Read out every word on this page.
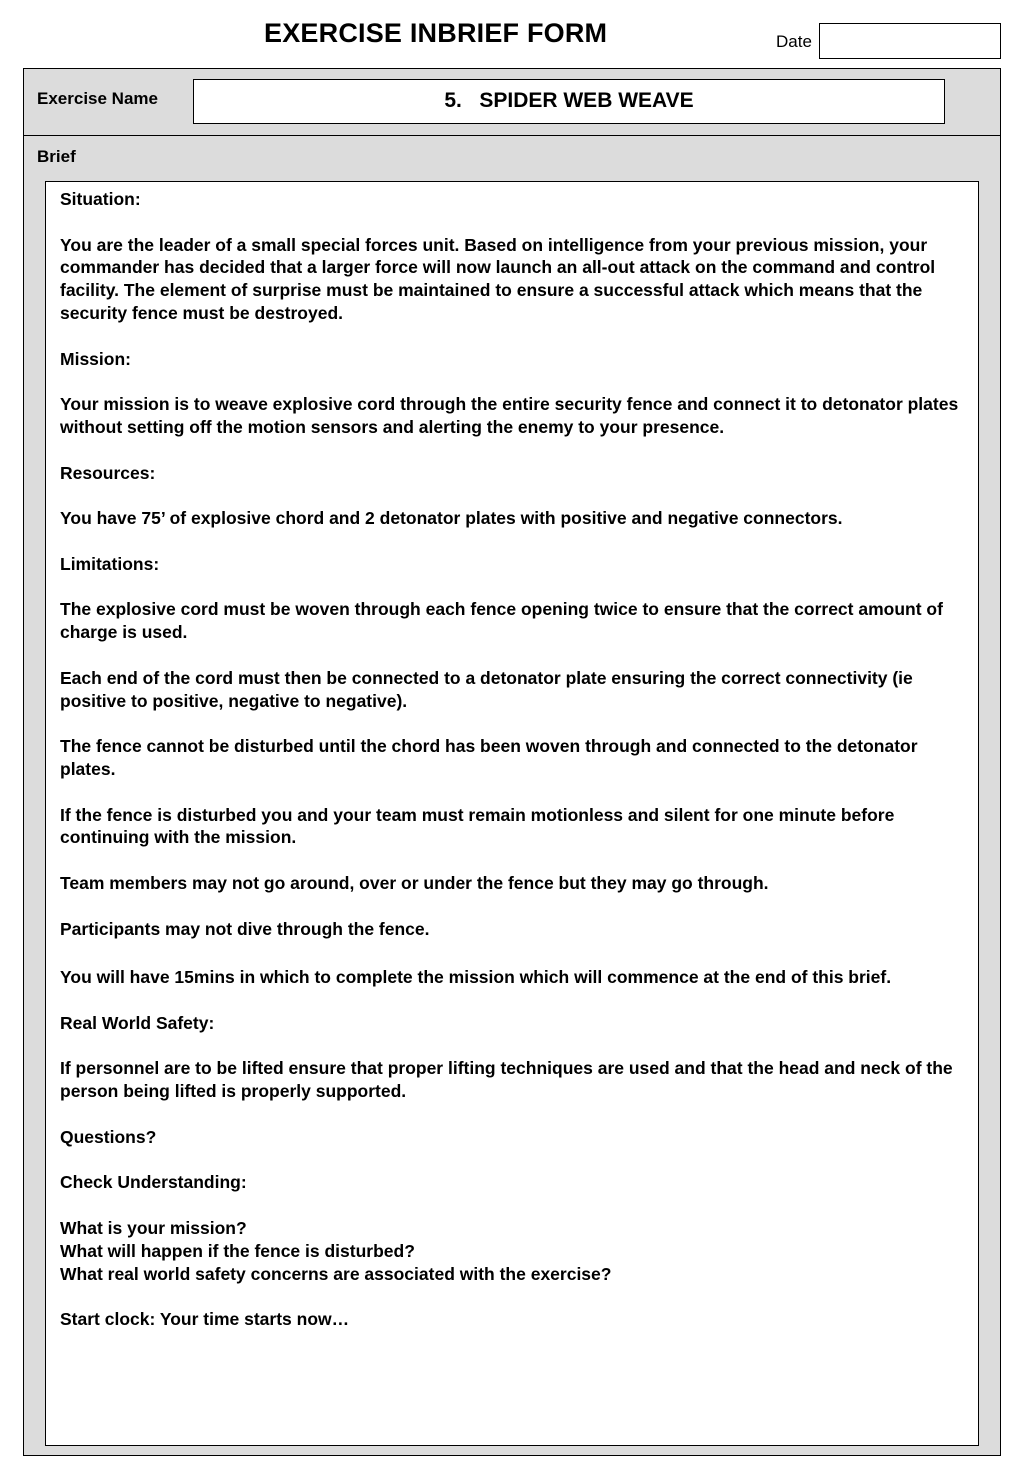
EXERCISE INBRIEF FORM	Date
Exercise Name	5.   SPIDER WEB WEAVE
Brief

Situation:

You are the leader of a small special forces unit. Based on intelligence from your previous mission, your commander has decided that a larger force will now launch an all-out attack on the command and control facility. The element of surprise must be maintained to ensure a successful attack which means that the security fence must be destroyed.

Mission:

Your mission is to weave explosive cord through the entire security fence and connect it to detonator plates without setting off the motion sensors and alerting the enemy to your presence.

Resources:

You have 75’ of explosive chord and 2 detonator plates with positive and negative connectors.

Limitations:

The explosive cord must be woven through each fence opening twice to ensure that the correct amount of charge is used.

Each end of the cord must then be connected to a detonator plate ensuring the correct connectivity (ie positive to positive, negative to negative).

The fence cannot be disturbed until the chord has been woven through and connected to the detonator plates.

If the fence is disturbed you and your team must remain motionless and silent for one minute before continuing with the mission.

Team members may not go around, over or under the fence but they may go through.

Participants may not dive through the fence.

You will have 15mins in which to complete the mission which will commence at the end of this brief.

Real World Safety:

If personnel are to be lifted ensure that proper lifting techniques are used and that the head and neck of the person being lifted is properly supported.

Questions?

Check Understanding:

What is your mission?

What will happen if the fence is disturbed?

What real world safety concerns are associated with the exercise?

Start clock: Your time starts now…
